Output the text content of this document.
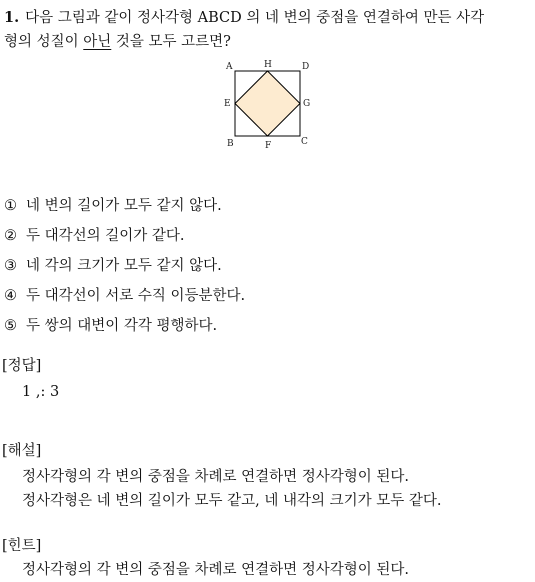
1. 다음 그림과 같이 정사각형 ABCD 의 네 변의 중점을 연결하여 만든 사각
형의 성질이 아닌 것을 모두 고르면?
A	H	D
E	G
B	F	C
① 네 변의 길이가 모두 같지 않다.
② 두 대각선의 길이가 같다.
③ 네 각의 크기가 모두 같지 않다.
④ 두 대각선이 서로 수직 이등분한다.
⑤ 두 쌍의 대변이 각각 평행하다.
[정답]
1 ,: 3
[해설]
정사각형의 각 변의 중점을 차례로 연결하면 정사각형이 된다.
정사각형은 네 변의 길이가 모두 같고, 네 내각의 크기가 모두 같다.
[힌트]
정사각형의 각 변의 중점을 차례로 연결하면 정사각형이 된다.
